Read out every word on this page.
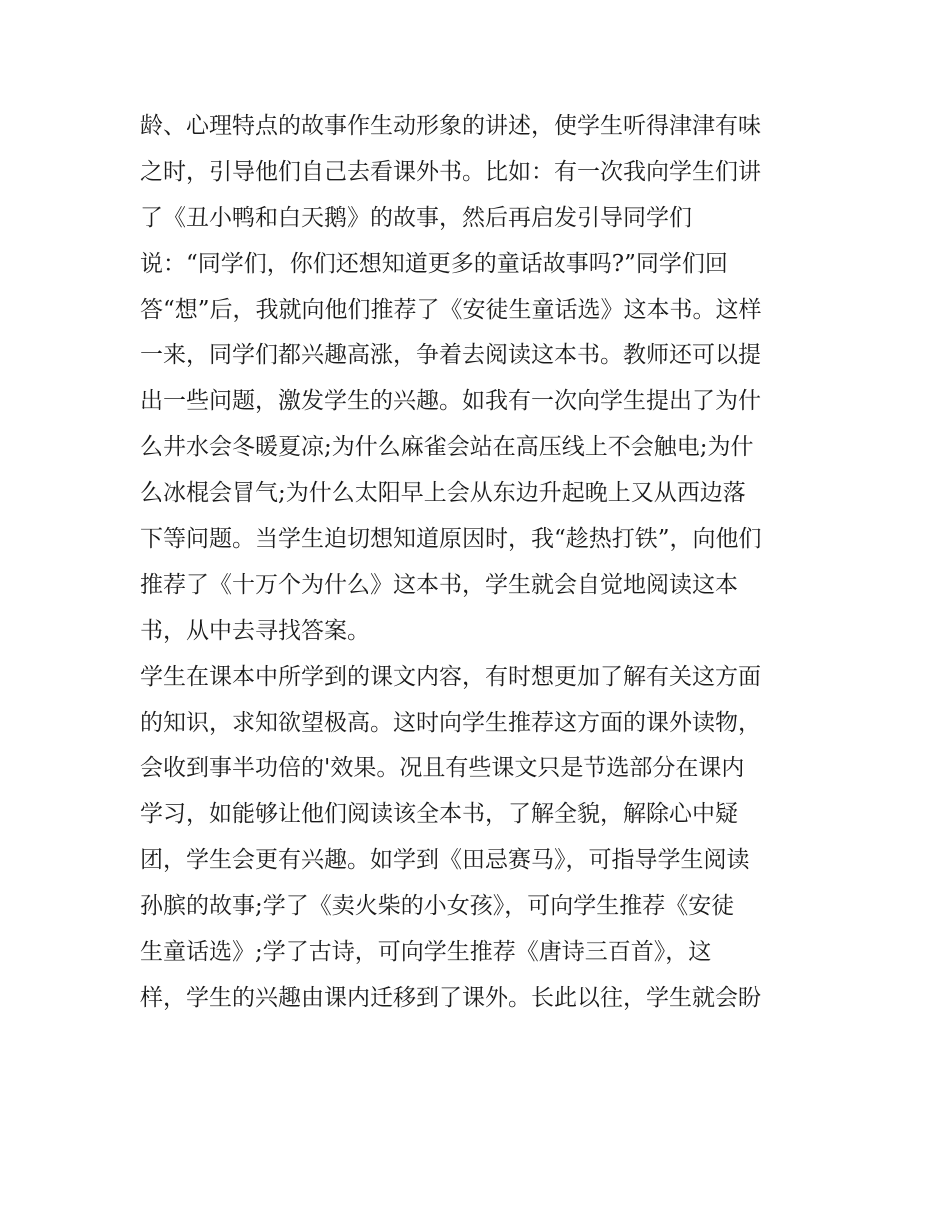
龄、心理特点的故事作生动形象的讲述，使学生听得津津有味
之时，引导他们自己去看课外书。比如：有一次我向学生们讲
了《丑小鸭和白天鹅》的故事，然后再启发引导同学们
说：“同学们，你们还想知道更多的童话故事吗?”同学们回
答“想”后，我就向他们推荐了《安徒生童话选》这本书。这样
一来，同学们都兴趣高涨，争着去阅读这本书。教师还可以提
出一些问题，激发学生的兴趣。如我有一次向学生提出了为什
么井水会冬暖夏凉;为什么麻雀会站在高压线上不会触电;为什
么冰棍会冒气;为什么太阳早上会从东边升起晚上又从西边落
下等问题。当学生迫切想知道原因时，我“趁热打铁”，向他们
推荐了《十万个为什么》这本书，学生就会自觉地阅读这本
书，从中去寻找答案。
学生在课本中所学到的课文内容，有时想更加了解有关这方面
的知识，求知欲望极高。这时向学生推荐这方面的课外读物，
会收到事半功倍的'效果。况且有些课文只是节选部分在课内
学习，如能够让他们阅读该全本书，了解全貌，解除心中疑
团，学生会更有兴趣。如学到《田忌赛马》，可指导学生阅读
孙膑的故事;学了《卖火柴的小女孩》，可向学生推荐《安徒
生童话选》;学了古诗，可向学生推荐《唐诗三百首》，这
样，学生的兴趣由课内迁移到了课外。长此以往，学生就会盼
